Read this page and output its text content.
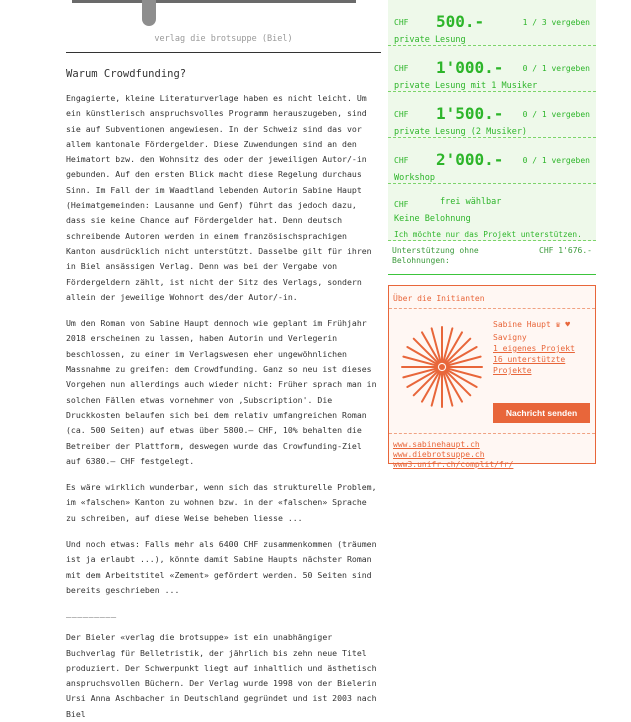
verlag die brotsuppe (Biel)
Warum Crowdfunding?

Engagierte, kleine Literaturverlage haben es nicht leicht. Um ein künstlerisch anspruchsvolles Programm herauszugeben, sind sie auf Subventionen angewiesen. In der Schweiz sind das vor allem kantonale Fördergelder. Diese Zuwendungen sind an den Heimatort bzw. den Wohnsitz des oder der jeweiligen Autor/-in gebunden. Auf den ersten Blick macht diese Regelung durchaus Sinn. Im Fall der im Waadtland lebenden Autorin Sabine Haupt (Heimatgemeinden: Lausanne und Genf) führt das jedoch dazu, dass sie keine Chance auf Fördergelder hat. Denn deutsch schreibende Autoren werden in einem französischsprachigen Kanton ausdrücklich nicht unterstützt. Dasselbe gilt für ihren in Biel ansässigen Verlag. Denn was bei der Vergabe von Fördergeldern zählt, ist nicht der Sitz des Verlags, sondern allein der jeweilige Wohnort des/der Autor/-in.

Um den Roman von Sabine Haupt dennoch wie geplant im Frühjahr 2018 erscheinen zu lassen, haben Autorin und Verlegerin beschlossen, zu einer im Verlagswesen eher ungewöhnlichen Massnahme zu greifen: dem Crowdfunding. Ganz so neu ist dieses Vorgehen nun allerdings auch wieder nicht: Früher sprach man in solchen Fällen etwas vornehmer von ‚Subscription'. Die Druckkosten belaufen sich bei dem relativ umfangreichen Roman (ca. 500 Seiten) auf etwas über 5800.– CHF, 10% behalten die Betreiber der Plattform, deswegen wurde das Crowfunding-Ziel auf 6380.– CHF festgelegt.

Es wäre wirklich wunderbar, wenn sich das strukturelle Problem, im «falschen» Kanton zu wohnen bzw. in der «falschen» Sprache zu schreiben, auf diese Weise beheben liesse ...

Und noch etwas: Falls mehr als 6400 CHF zusammenkommen (träumen ist ja erlaubt ...), könnte damit Sabine Haupts nächster Roman mit dem Arbeitstitel «Zement» gefördert werden. 50 Seiten sind bereits geschrieben ...

_________

Der Bieler «verlag die brotsuppe» ist ein unabhängiger Buchverlag für Belletristik, der jährlich bis zehn neue Titel produziert. Der Schwerpunkt liegt auf inhaltlich und ästhetisch anspruchsvollen Büchern. Der Verlag wurde 1998 von der Bielerin Ursi Anna Aschbacher in Deutschland gegründet und ist 2003 nach Biel

CHF 500.-	1 / 3 vergeben
private Lesung
CHF 1'000.- 0 / 1 vergeben
private Lesung mit 1 Musiker
CHF 1'500.- 0 / 1 vergeben
private Lesung (2 Musiker)
CHF 2'000.- 0 / 1 vergeben
Workshop
CHF	frei wählbar
Keine Belohnung
Ich möchte nur das Projekt unterstützen.
Unterstützung ohne Belohnungen:
CHF 1'676.-
Über die Initianten
Sabine Haupt ♛ ♥
Savigny
1 eigenes Projekt
16 unterstützte
Projekte
Nachricht senden
www.sabinehaupt.ch
www.diebrotsuppe.ch
www3.unifr.ch/complit/fr/
